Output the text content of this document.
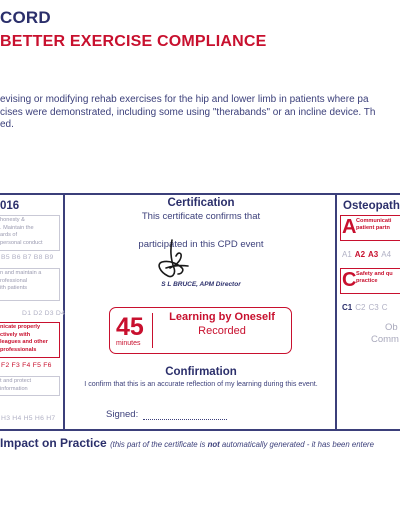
CORD
BETTER EXERCISE COMPLIANCE
evising or modifying rehab exercises for the hip and lower limb in patients where pa
cises were demonstrated, including some using "therabands" or an incline device. Th
ed.
016
honesty &
. Maintain the
ards of
personal conduct
B5 B6 B7 B8 B9
n and maintain a
rofessional
ith patients
D1 D2 D3 D4
nicate properly
ctively with
leagues and other
professionals
F2 F3 F4 F5 F6
t and protect
information
H3 H4 H5 H6 H7
Certification
This certificate confirms that
participated in this CPD event
S L BRUCE, APM Director
45
minutes
Learning by Oneself
Recorded
Confirmation
I confirm that this is an accurate reflection of my learning during this event.
Signed:
Osteopath
A Communicati
patient partn
A1 A2 A3 A4
C Safety and qu
practice
C1 C2 C3 C
Ob
Comm
Impact on Practice (this part of the certificate is not automatically generated - it has been entere
